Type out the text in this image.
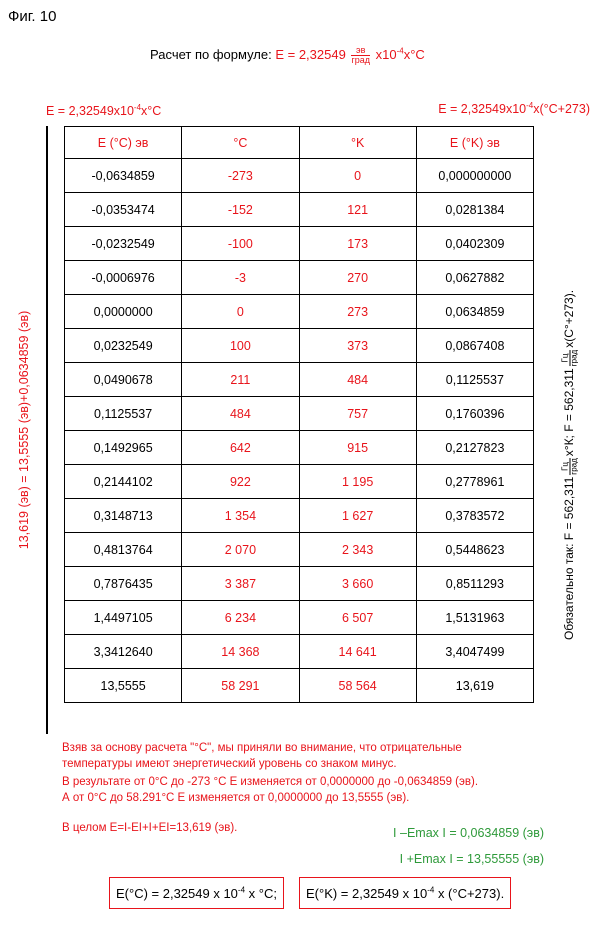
Фиг. 10
Расчет по формуле: $E = 2,32549 \frac{эв}{\text{град}} х10^{-4}х^\circ С$
$E = 2,32549х10^{-4}х^\circ С$	$E = 2,32549х10^{-4}х(^\circ С+273)$
13,619 (эв) = 13,5555 (эв)+0,0634859 (эв)
Обязательно так: F = 562,311
Гц град
х°К; F = 562,311
Гц град
х(С°+273).
E (°C) эв	°C	°K	E (°K) эв
-0,0634859	-273	0	0,000000000
-0,0353474	-152	121	0,0281384
-0,0232549	-100	173	0,0402309
-0,0006976	-3	270	0,0627882
0,0000000	0	273	0,0634859
0,0232549	100	373	0,0867408
0,0490678	211	484	0,1125537
0,1125537	484	757	0,1760396
0,1492965	642	915	0,2127823
0,2144102	922	1 195	0,2778961
0,3148713	1 354	1 627	0,3783572
0,4813764	2 070	2 343	0,5448623
0,7876435	3 387	3 660	0,8511293
1,4497105	6 234	6 507	1,5131963
3,3412640	14 368	14 641	3,4047499
13,5555	58 291	58 564	13,619
Взяв за основу расчета "°С", мы приняли во внимание, что отрицательные
температуры имеют энергетический уровень со знаком минус.
В результате от 0°С до -273 °С E изменяется от 0,0000000 до -0,0634859 (эв).
А от 0°С до 58.291°С E изменяется от 0,0000000 до 13,5555 (эв).
В целом E=I-EI+I+EI=13,619 (эв).	I –Emax I = 0,0634859 (эв)
I +Emax I = 13,55555 (эв)
E(°C) = 2,32549 х $10^{-4}$ х °С;	E(°K) = 2,32549 х $10^{-4}$ х (°С+273).
